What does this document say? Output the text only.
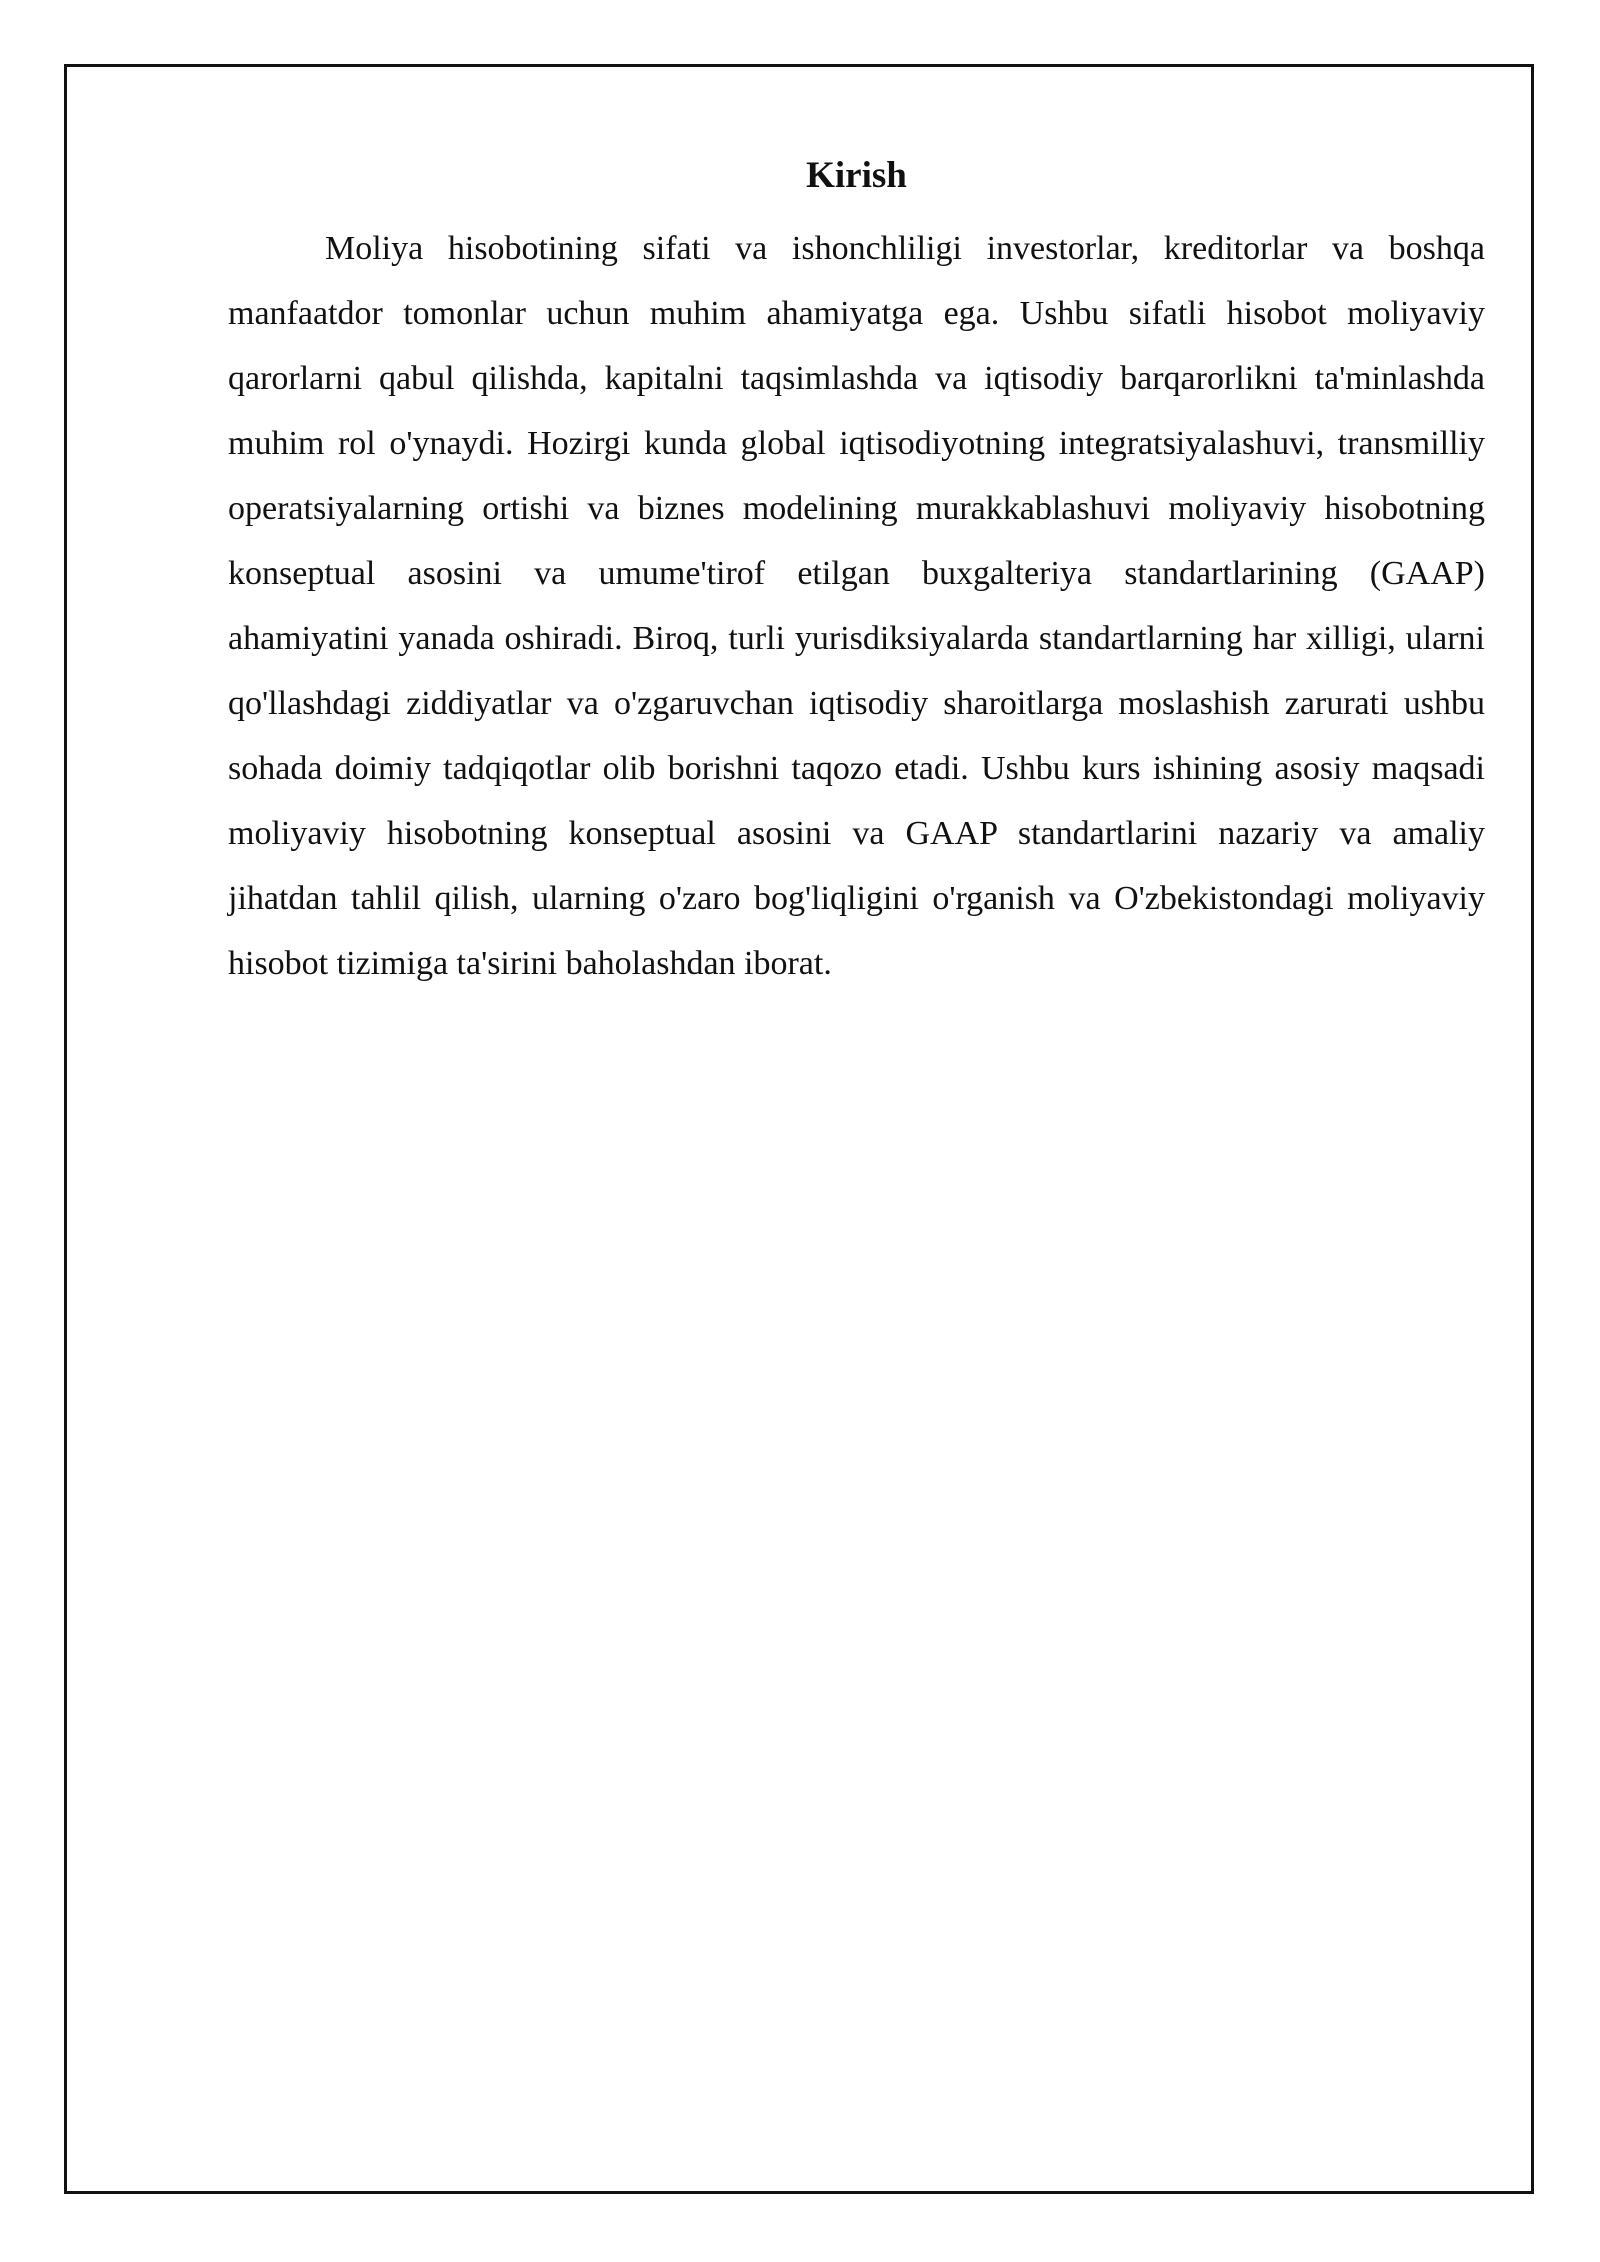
Kirish

Moliya hisobotining sifati va ishonchliligi investorlar, kreditorlar va boshqa manfaatdor tomonlar uchun muhim ahamiyatga ega. Ushbu sifatli hisobot moliyaviy qarorlarni qabul qilishda, kapitalni taqsimlashda va iqtisodiy barqarorlikni ta'minlashda muhim rol o'ynaydi. Hozirgi kunda global iqtisodiyotning integratsiyalashuvi, transmilliy operatsiyalarning ortishi va biznes modelining murakkablashuvi moliyaviy hisobotning konseptual asosini va umume'tirof etilgan buxgalteriya standartlarining (GAAP) ahamiyatini yanada oshiradi. Biroq, turli yurisdiksiyalarda standartlarning har xilligi, ularni qo'llashdagi ziddiyatlar va o'zgaruvchan iqtisodiy sharoitlarga moslashish zarurati ushbu sohada doimiy tadqiqotlar olib borishni taqozo etadi. Ushbu kurs ishining asosiy maqsadi moliyaviy hisobotning konseptual asosini va GAAP standartlarini nazariy va amaliy jihatdan tahlil qilish, ularning o'zaro bog'liqligini o'rganish va O'zbekistondagi moliyaviy hisobot tizimiga ta'sirini baholashdan iborat.
